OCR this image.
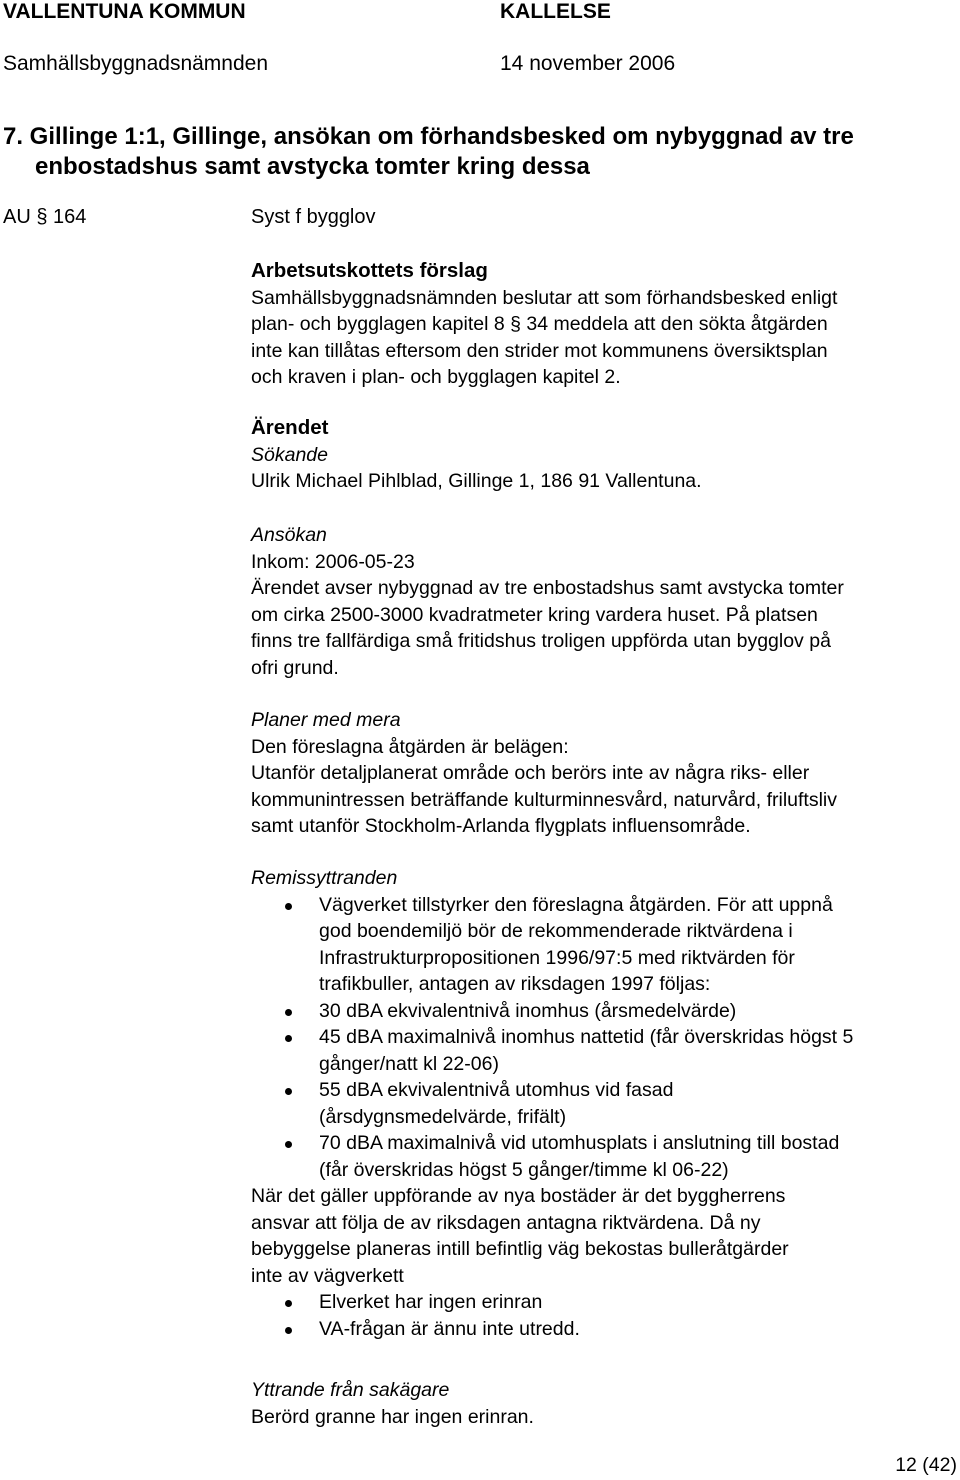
VALLENTUNA KOMMUN	KALLELSE
Samhällsbyggnadsnämnden	14 november 2006
7. Gillinge 1:1, Gillinge, ansökan om förhandsbesked om nybyggnad av tre
enbostadshus samt avstycka tomter kring dessa
AU § 164	Syst f bygglov

Arbetsutskottets förslag

Samhällsbyggnadsnämnden beslutar att som förhandsbesked enligt

plan- och bygglagen kapitel 8 § 34 meddela att den sökta åtgärden

inte kan tillåtas eftersom den strider mot kommunens översiktsplan

och kraven i plan- och bygglagen kapitel 2.

Ärendet

Sökande

Ulrik Michael Pihlblad, Gillinge 1, 186 91 Vallentuna.

Ansökan

Inkom: 2006-05-23

Ärendet avser nybyggnad av tre enbostadshus samt avstycka tomter

om cirka 2500-3000 kvadratmeter kring vardera huset. På platsen

finns tre fallfärdiga små fritidshus troligen uppförda utan bygglov på

ofri grund.

Planer med mera

Den föreslagna åtgärden är belägen:

Utanför detaljplanerat område och berörs inte av några riks- eller

kommunintressen beträffande kulturminnesvård, naturvård, friluftsliv

samt utanför Stockholm-Arlanda flygplats influensområde.

Remissyttranden

Vägverket tillstyrker den föreslagna åtgärden. För att uppnå
god boendemiljö bör de rekommenderade riktvärdena i
Infrastrukturpropositionen 1996/97:5 med riktvärden för
trafikbuller, antagen av riksdagen 1997 följas:
30 dBA ekvivalentnivå inomhus (årsmedelvärde)
45 dBA maximalnivå inomhus nattetid (får överskridas högst 5
gånger/natt kl 22-06)
55 dBA ekvivalentnivå utomhus vid fasad
(årsdygnsmedelvärde, frifält)
70 dBA maximalnivå vid utomhusplats i anslutning till bostad
(får överskridas högst 5 gånger/timme kl 06-22)

När det gäller uppförande av nya bostäder är det byggherrens

ansvar att följa de av riksdagen antagna riktvärdena. Då ny

bebyggelse planeras intill befintlig väg bekostas bulleråtgärder

inte av vägverkett

Elverket har ingen erinran
VA-frågan är ännu inte utredd.

Yttrande från sakägare

Berörd granne har ingen erinran.

12 (42)
